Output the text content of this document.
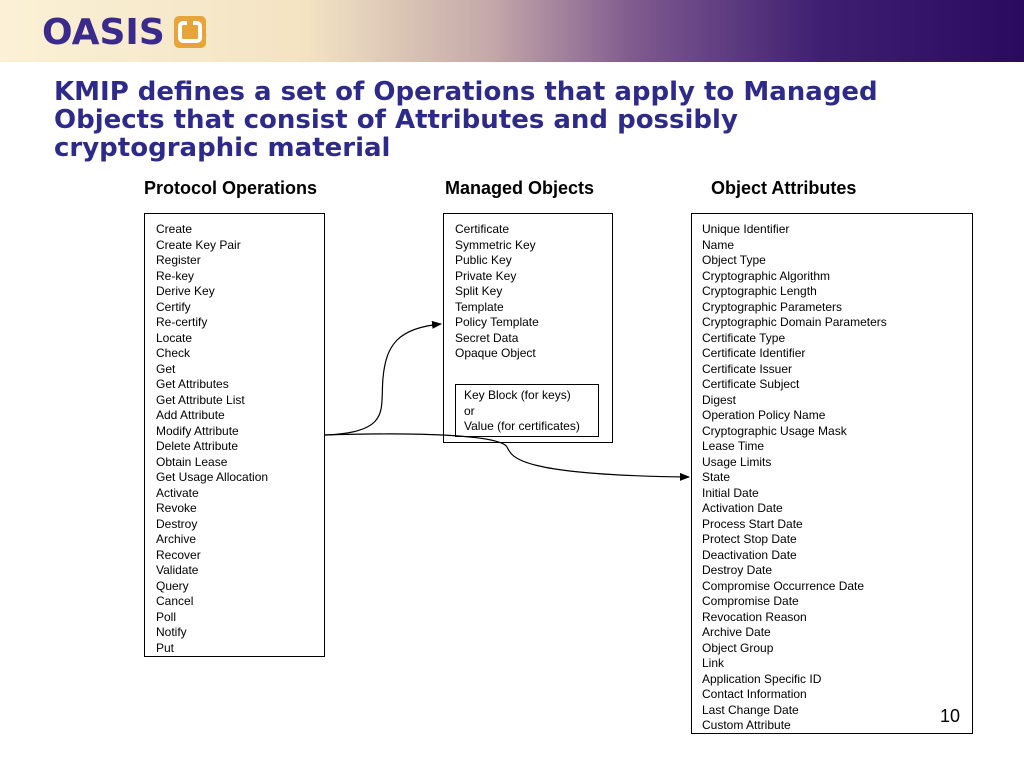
OASIS
KMIP defines a set of Operations that apply to Managed
Objects that consist of Attributes and possibly
cryptographic material
Protocol Operations	Managed Objects	Object Attributes
Create
Create Key Pair
Register
Re-key
Derive Key
Certify
Re-certify
Locate
Check
Get
Get Attributes
Get Attribute List
Add Attribute
Modify Attribute
Delete Attribute
Obtain Lease
Get Usage Allocation
Activate
Revoke
Destroy
Archive
Recover
Validate
Query
Cancel
Poll
Notify
Put
Certificate
Symmetric Key
Public Key
Private Key
Split Key
Template
Policy Template
Secret Data
Opaque Object
Key Block (for keys)
or
Value (for certificates)
Unique Identifier
Name
Object Type
Cryptographic Algorithm
Cryptographic Length
Cryptographic Parameters
Cryptographic Domain Parameters
Certificate Type
Certificate Identifier
Certificate Issuer
Certificate Subject
Digest
Operation Policy Name
Cryptographic Usage Mask
Lease Time
Usage Limits
State
Initial Date
Activation Date
Process Start Date
Protect Stop Date
Deactivation Date
Destroy Date
Compromise Occurrence Date
Compromise Date
Revocation Reason
Archive Date
Object Group
Link
Application Specific ID
Contact Information
Last Change Date
Custom Attribute	10
